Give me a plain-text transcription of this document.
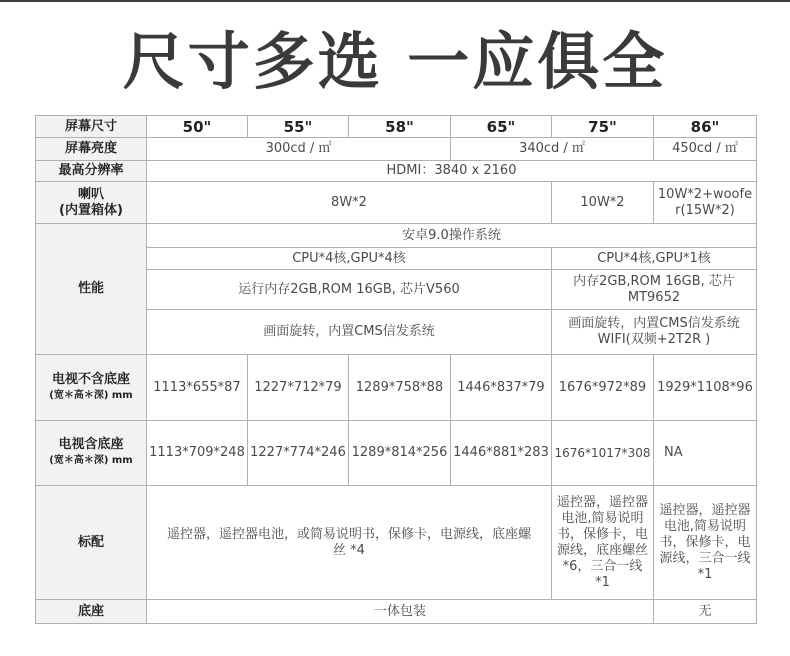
尺寸多选 一应俱全
屏幕尺寸	50"	55"	58"	65"	75"	86"
屏幕亮度	300cd / ㎡			340cd / ㎡		450cd / ㎡
最高分辨率	HDMI：3840 x 2160					

喇叭
(内置箱体)	8W*2				10W*2	10W*2+woofer(15W*2)
性能	安卓9.0操作系统					
	CPU*4核,GPU*4核				CPU*4核,GPU*1核	
	运行内存2GB,ROM 16GB, 芯片V560				内存2GB,ROM 16GB, 芯片MT9652	
	画面旋转，内置CMS信发系统				画面旋转，内置CMS信发系统 WIFI(双频+2T2R )	

电视不含底座
(宽＊高＊深) mm	1113*655*87	1227*712*79	1289*758*88	1446*837*79	1676*972*89	1929*1108*96

电视含底座
(宽＊高＊深) mm	1113*709*248	1227*774*246	1289*814*256	1446*881*283	1676*1017*308	NA
标配	遥控器，遥控器电池，或简易说明书，保修卡，电源线，底座螺丝 *4				遥控器，遥控器电池,简易说明书，保修卡，电源线，底座螺丝*6，三合一线*1	遥控器，遥控器电池,简易说明书，保修卡，电源线，三合一线*1
底座	一体包装					无
